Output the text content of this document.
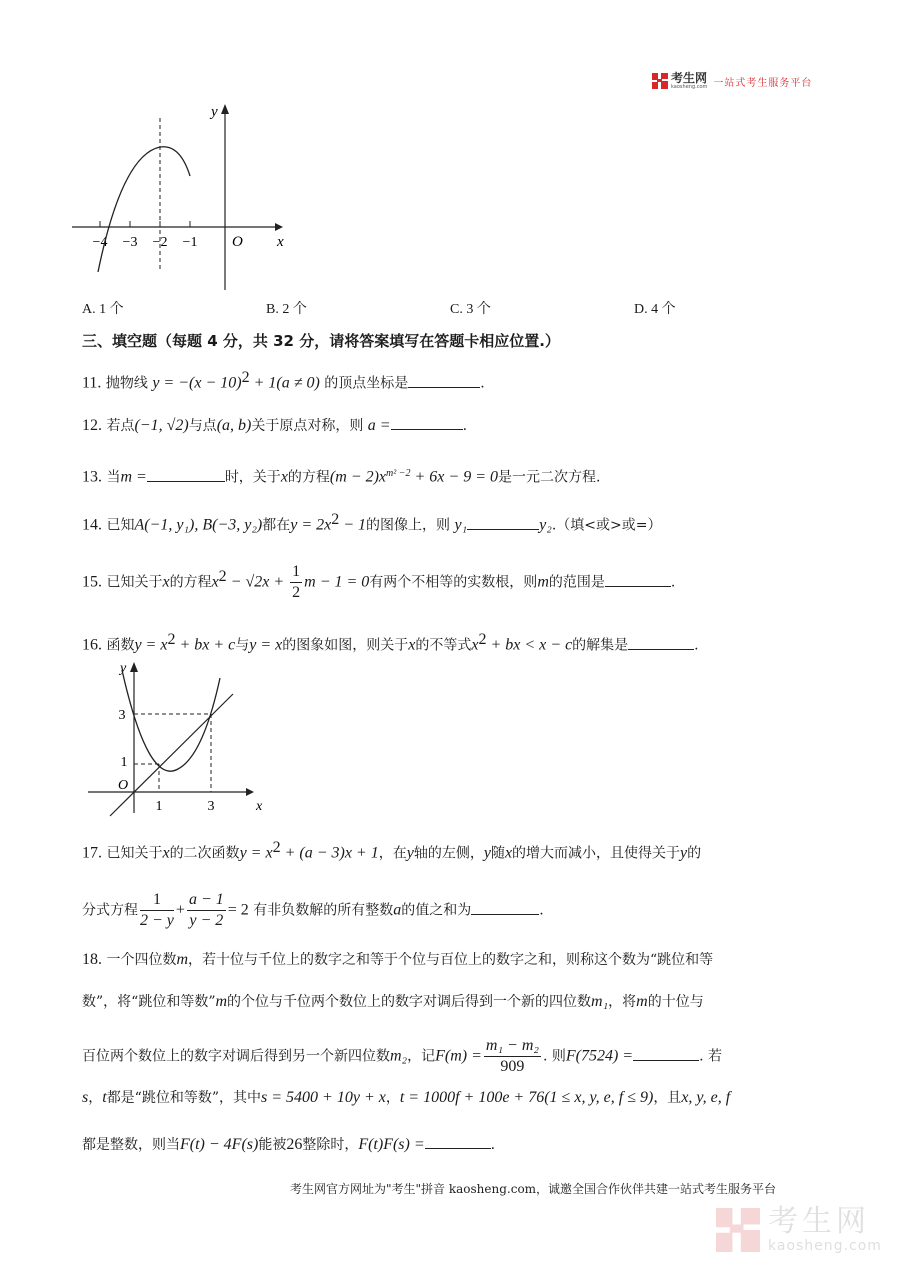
考生网
kaosheng.com 一站式考生服务平台
y
x
O
−4 −3 −2 −1
A. 1 个	B. 2 个	C. 3 个	D. 4 个
三、填空题（每题 4 分，共 32 分，请将答案填写在答题卡相应位置.）
11. 抛物线 $y = -(x - 10)^2 + 1(a \ne 0)$ 的顶点坐标是	.
12. 若点(−1, √2)与点(a, b)关于原点对称，则 a =	.
13. 当m =	时，关于x的方程$(m - 2)x^{m^2 -2} + 6x - 9 = 0$是一元二次方程.
14. 已知A(−1, y₁), B(−3, y₂)都在$y = 2x^2 - 1$的图像上，则 y₁	y₂.（填<或>或=）
15. 已知关于x的方程$x^2 - √2x + \frac{1}{2}$ m − 1 = 0有两个不相等的实数根，则m的范围是	.
16. 函数$y = x^2$ + bx + c与y = x的图象如图，则关于x的不等式$x^2$ + bx < x − c的解集是	.
y
x
O
3
1
1	3
17. 已知关于x的二次函数$y = x^2 + (a - 3)x + 1$，在y轴的左侧，y随x的增大而减小，且使得关于y的
分式方程 $\frac{1}{2 - y} + \frac{a - 1}{y - 2} = 2$ 有非负数解的所有整数a的值之和为	.
18. 一个四位数m，若十位与千位上的数字之和等于个位与百位上的数字之和，则称这个数为“跳位和等
数”，将“跳位和等数”m的个位与千位两个数位上的数字对调后得到一个新的四位数m₁，将m的十位与
百位两个数位上的数字对调后得到另一个新四位数m₂，记$F(m) = \frac{\text{m₁ − m₂}}{909}$ . 则F(7524) =	. 若
s，t都是“跳位和等数”，其中s = 5400 + 10y + x，t = 1000f + 100e + 76(1 ≤ x, y, e, f ≤ 9)，且x, y, e, f
都是整数，则当F(t) − 4F(s)能被26整除时，F(t)F(s) =	.
考生网官方网址为"考生"拼音 kaosheng.com，诚邀全国合作伙伴共建一站式考生服务平台
考生网
kaosheng.com
